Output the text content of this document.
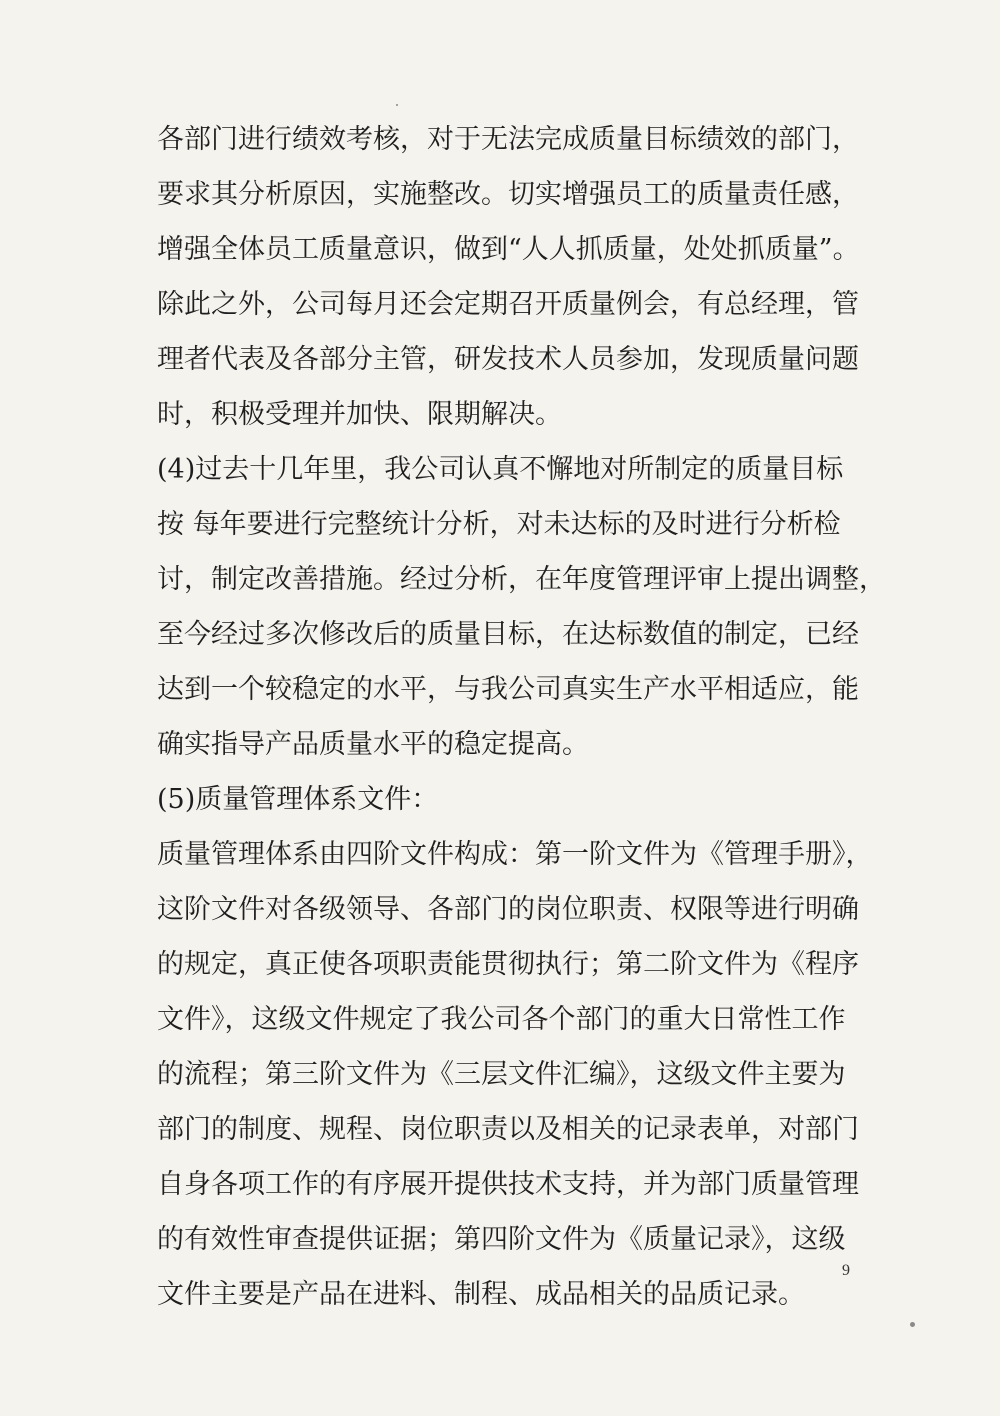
各部门进行绩效考核，对于无法完成质量目标绩效的部门，
要求其分析原因，实施整改。切实增强员工的质量责任感，
增强全体员工质量意识，做到“人人抓质量，处处抓质量”。
除此之外，公司每月还会定期召开质量例会，有总经理，管
理者代表及各部分主管，研发技术人员参加，发现质量问题
时，积极受理并加快、限期解决。
(4)过去十几年里，我公司认真不懈地对所制定的质量目标
按 每年要进行完整统计分析，对未达标的及时进行分析检
讨，制定改善措施。经过分析，在年度管理评审上提出调整，
至今经过多次修改后的质量目标，在达标数值的制定，已经
达到一个较稳定的水平，与我公司真实生产水平相适应，能
确实指导产品质量水平的稳定提高。
(5)质量管理体系文件：
质量管理体系由四阶文件构成：第一阶文件为《管理手册》，
这阶文件对各级领导、各部门的岗位职责、权限等进行明确
的规定，真正使各项职责能贯彻执行；第二阶文件为《程序
文件》，这级文件规定了我公司各个部门的重大日常性工作
的流程；第三阶文件为《三层文件汇编》，这级文件主要为
部门的制度、规程、岗位职责以及相关的记录表单，对部门
自身各项工作的有序展开提供技术支持，并为部门质量管理
的有效性审查提供证据；第四阶文件为《质量记录》，这级
文件主要是产品在进料、制程、成品相关的品质记录。
9
